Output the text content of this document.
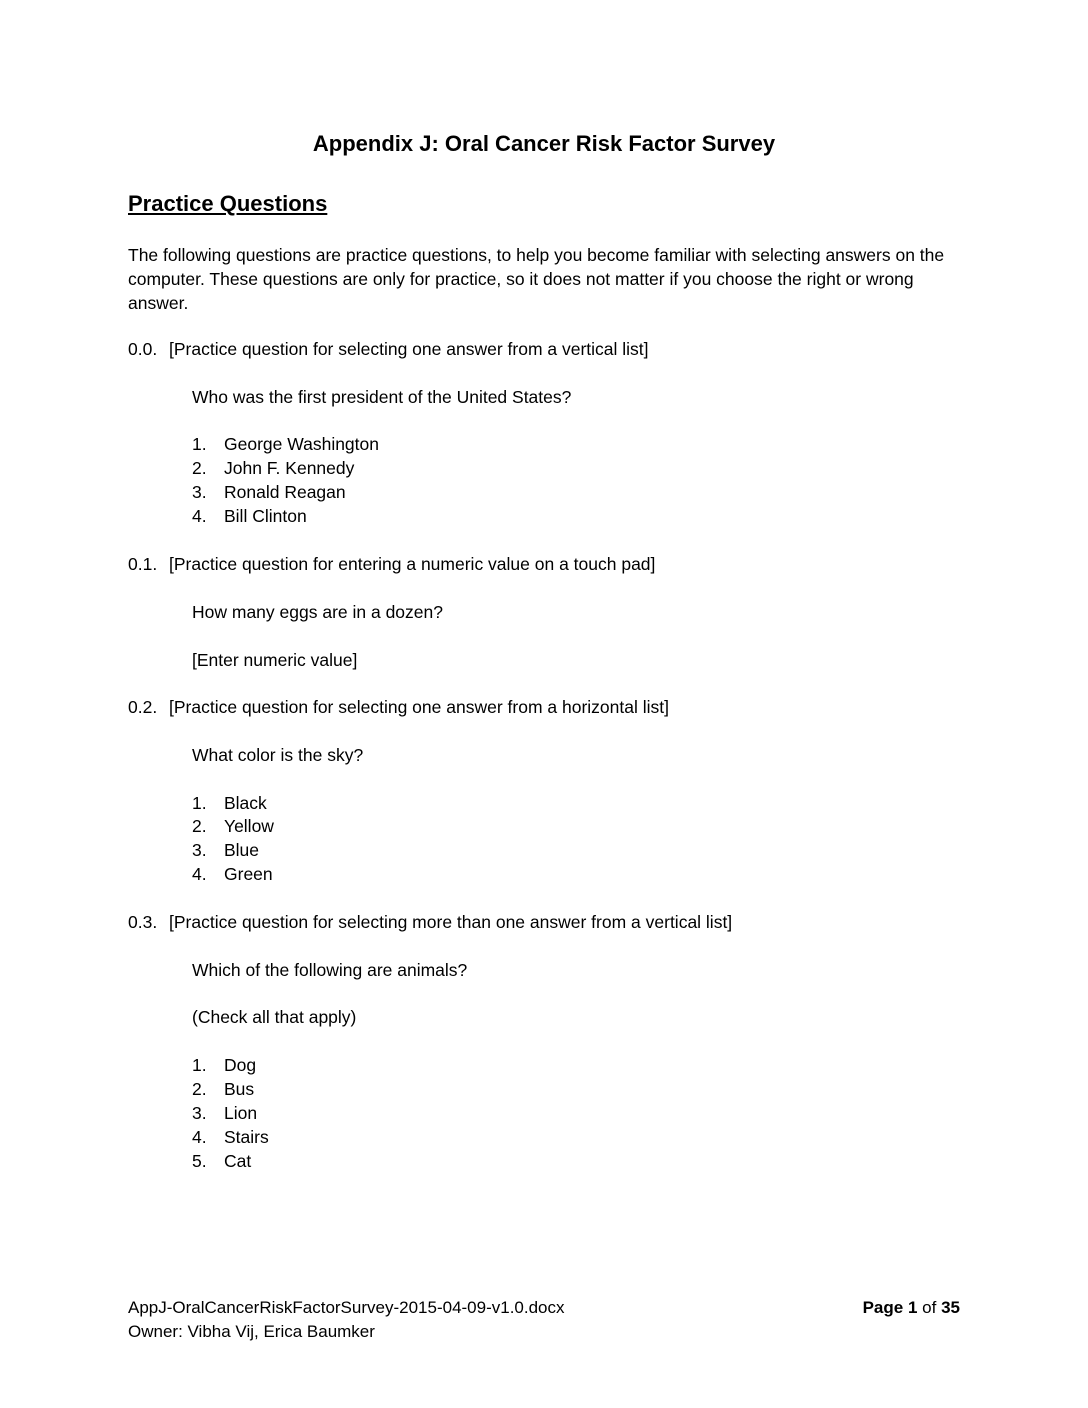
Appendix J: Oral Cancer Risk Factor Survey
Practice Questions

The following questions are practice questions, to help you become familiar with selecting answers on the computer. These questions are only for practice, so it does not matter if you choose the right or wrong answer.

0.0. [Practice question for selecting one answer from a vertical list]
Who was the first president of the United States?
1. George Washington
2. John F. Kennedy
3. Ronald Reagan
4. Bill Clinton
0.1. [Practice question for entering a numeric value on a touch pad]
How many eggs are in a dozen?
[Enter numeric value]
0.2. [Practice question for selecting one answer from a horizontal list]
What color is the sky?
1. Black
2. Yellow
3. Blue
4. Green
0.3. [Practice question for selecting more than one answer from a vertical list]
Which of the following are animals?
(Check all that apply)
1. Dog
2. Bus
3. Lion
4. Stairs
5. Cat
AppJ-OralCancerRiskFactorSurvey-2015-04-09-v1.0.docx
Owner: Vibha Vij, Erica Baumker
Page 1 of 35
